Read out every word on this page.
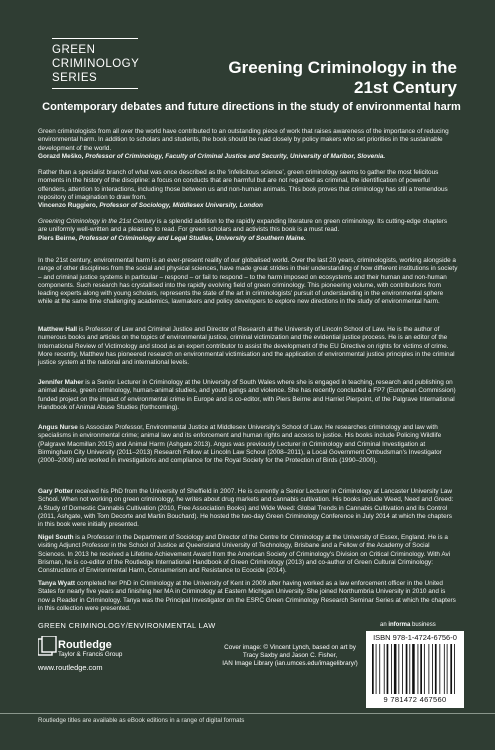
GREEN
CRIMINOLOGY
SERIES
Greening Criminology in the
21st Century
Contemporary debates and future directions in the study of environmental harm
Green criminologists from all over the world have contributed to an outstanding piece of work that raises awareness of the importance of reducing environmental harm. In addition to scholars and students, the book should be read closely by policy makers who set priorities in the sustainable development of the world.
Gorazd Meško, Professor of Criminology, Faculty of Criminal Justice and Security, University of Maribor, Slovenia.
Rather than a specialist branch of what was once described as the ‘infelicitous science’, green criminology seems to gather the most felicitous moments in the history of the discipline: a focus on conducts that are harmful but are not regarded as criminal, the identification of powerful offenders, attention to interactions, including those between us and non-human animals. This book proves that criminology has still a tremendous repository of imagination to draw from.
Vincenzo Ruggiero, Professor of Sociology, Middlesex University, London
Greening Criminology in the 21st Century is a splendid addition to the rapidly expanding literature on green criminology. Its cutting-edge chapters are uniformly well-written and a pleasure to read. For green scholars and activists this book is a must read.
Piers Beirne, Professor of Criminology and Legal Studies, University of Southern Maine.
In the 21st century, environmental harm is an ever-present reality of our globalised world. Over the last 20 years, criminologists, working alongside a range of other disciplines from the social and physical sciences, have made great strides in their understanding of how different institutions in society – and criminal justice systems in particular – respond – or fail to respond – to the harm imposed on ecosystems and their human and non-human components. Such research has crystallised into the rapidly evolving field of green criminology. This pioneering volume, with contributions from leading experts along with young scholars, represents the state of the art in criminologists' pursuit of understanding in the environmental sphere while at the same time challenging academics, lawmakers and policy developers to explore new directions in the study of environmental harm.
Matthew Hall is Professor of Law and Criminal Justice and Director of Research at the University of Lincoln School of Law. He is the author of numerous books and articles on the topics of environmental justice, criminal victimization and the evidential justice process. He is an editor of the International Review of Victimology and stood as an expert contributor to assist the development of the EU Directive on rights for victims of crime. More recently, Matthew has pioneered research on environmental victimisation and the application of environmental justice principles in the criminal justice system at the national and international levels.
Jennifer Maher is a Senior Lecturer in Criminology at the University of South Wales where she is engaged in teaching, research and publishing on animal abuse, green criminology, human-animal studies, and youth gangs and violence. She has recently concluded a FP7 (European Commission) funded project on the impact of environmental crime in Europe and is co-editor, with Piers Beirne and Harriet Pierpoint, of the Palgrave International Handbook of Animal Abuse Studies (forthcoming).
Angus Nurse is Associate Professor, Environmental Justice at Middlesex University's School of Law. He researches criminology and law with specialisms in environmental crime; animal law and its enforcement and human rights and access to justice. His books include Policing Wildlife (Palgrave Macmillan 2015) and Animal Harm (Ashgate 2013). Angus was previously Lecturer in Criminology and Criminal Investigation at Birmingham City University (2011–2013) Research Fellow at Lincoln Law School (2008–2011), a Local Government Ombudsman's Investigator (2000–2008) and worked in investigations and compliance for the Royal Society for the Protection of Birds (1990–2000).
Gary Potter received his PhD from the University of Sheffield in 2007. He is currently a Senior Lecturer in Criminology at Lancaster University Law School. When not working on green criminology, he writes about drug markets and cannabis cultivation. His books include Weed, Need and Greed: A Study of Domestic Cannabis Cultivation (2010, Free Association Books) and Wide Weed: Global Trends in Cannabis Cultivation and its Control (2011, Ashgate, with Tom Decorte and Martin Bouchard). He hosted the two-day Green Criminology Conference in July 2014 at which the chapters in this book were initially presented.
Nigel South is a Professor in the Department of Sociology and Director of the Centre for Criminology at the University of Essex, England. He is a visiting Adjunct Professor in the School of Justice at Queensland University of Technology, Brisbane and a Fellow of the Academy of Social Sciences. In 2013 he received a Lifetime Achievement Award from the American Society of Criminology's Division on Critical Criminology. With Avi Brisman, he is co-editor of the Routledge International Handbook of Green Criminology (2013) and co-author of Green Cultural Criminology: Constructions of Environmental Harm, Consumerism and Resistance to Ecocide (2014).
Tanya Wyatt completed her PhD in Criminology at the University of Kent in 2009 after having worked as a law enforcement officer in the United States for nearly five years and finishing her MA in Criminology at Eastern Michigan University. She joined Northumbria University in 2010 and is now a Reader in Criminology. Tanya was the Principal Investigator on the ESRC Green Criminology Research Seminar Series at which the chapters in this collection were presented.
GREEN CRIMINOLOGY/ENVIRONMENTAL LAW
Routledge
Taylor & Francis Group
www.routledge.com
Cover image: © Vincent Lynch, based on art by
Tracy Saxby and Jason C. Fisher,
IAN Image Library (ian.umces.edu/imagelibrary/)
an informa business
ISBN 978-1-4724-6756-0
9 781472 467560
Routledge titles are available as eBook editions in a range of digital formats
